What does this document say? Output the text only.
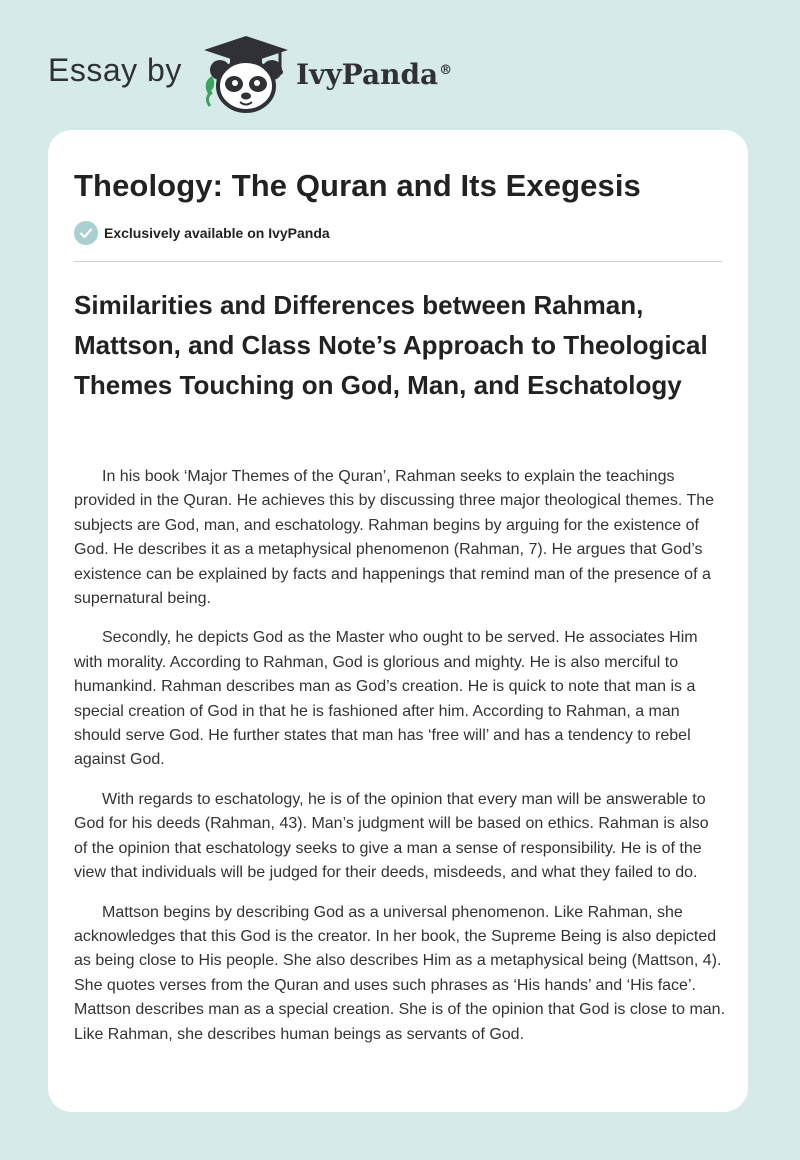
Essay by	IvyPanda®
Theology: The Quran and Its Exegesis
Exclusively available on IvyPanda
Similarities and Differences between Rahman, Mattson, and Class Note’s Approach to Theological Themes Touching on God, Man, and Eschatology

In his book ‘Major Themes of the Quran’, Rahman seeks to explain the teachings provided in the Quran. He achieves this by discussing three major theological themes. The subjects are God, man, and eschatology. Rahman begins by arguing for the existence of God. He describes it as a metaphysical phenomenon (Rahman, 7). He argues that God’s existence can be explained by facts and happenings that remind man of the presence of a supernatural being.

Secondly, he depicts God as the Master who ought to be served. He associates Him with morality. According to Rahman, God is glorious and mighty. He is also merciful to humankind. Rahman describes man as God’s creation. He is quick to note that man is a special creation of God in that he is fashioned after him. According to Rahman, a man should serve God. He further states that man has ‘free will’ and has a tendency to rebel against God.

With regards to eschatology, he is of the opinion that every man will be answerable to God for his deeds (Rahman, 43). Man’s judgment will be based on ethics. Rahman is also of the opinion that eschatology seeks to give a man a sense of responsibility. He is of the view that individuals will be judged for their deeds, misdeeds, and what they failed to do.

Mattson begins by describing God as a universal phenomenon. Like Rahman, she acknowledges that this God is the creator. In her book, the Supreme Being is also depicted as being close to His people. She also describes Him as a metaphysical being (Mattson, 4). She quotes verses from the Quran and uses such phrases as ‘His hands’ and ‘His face’. Mattson describes man as a special creation. She is of the opinion that God is close to man. Like Rahman, she describes human beings as servants of God.
